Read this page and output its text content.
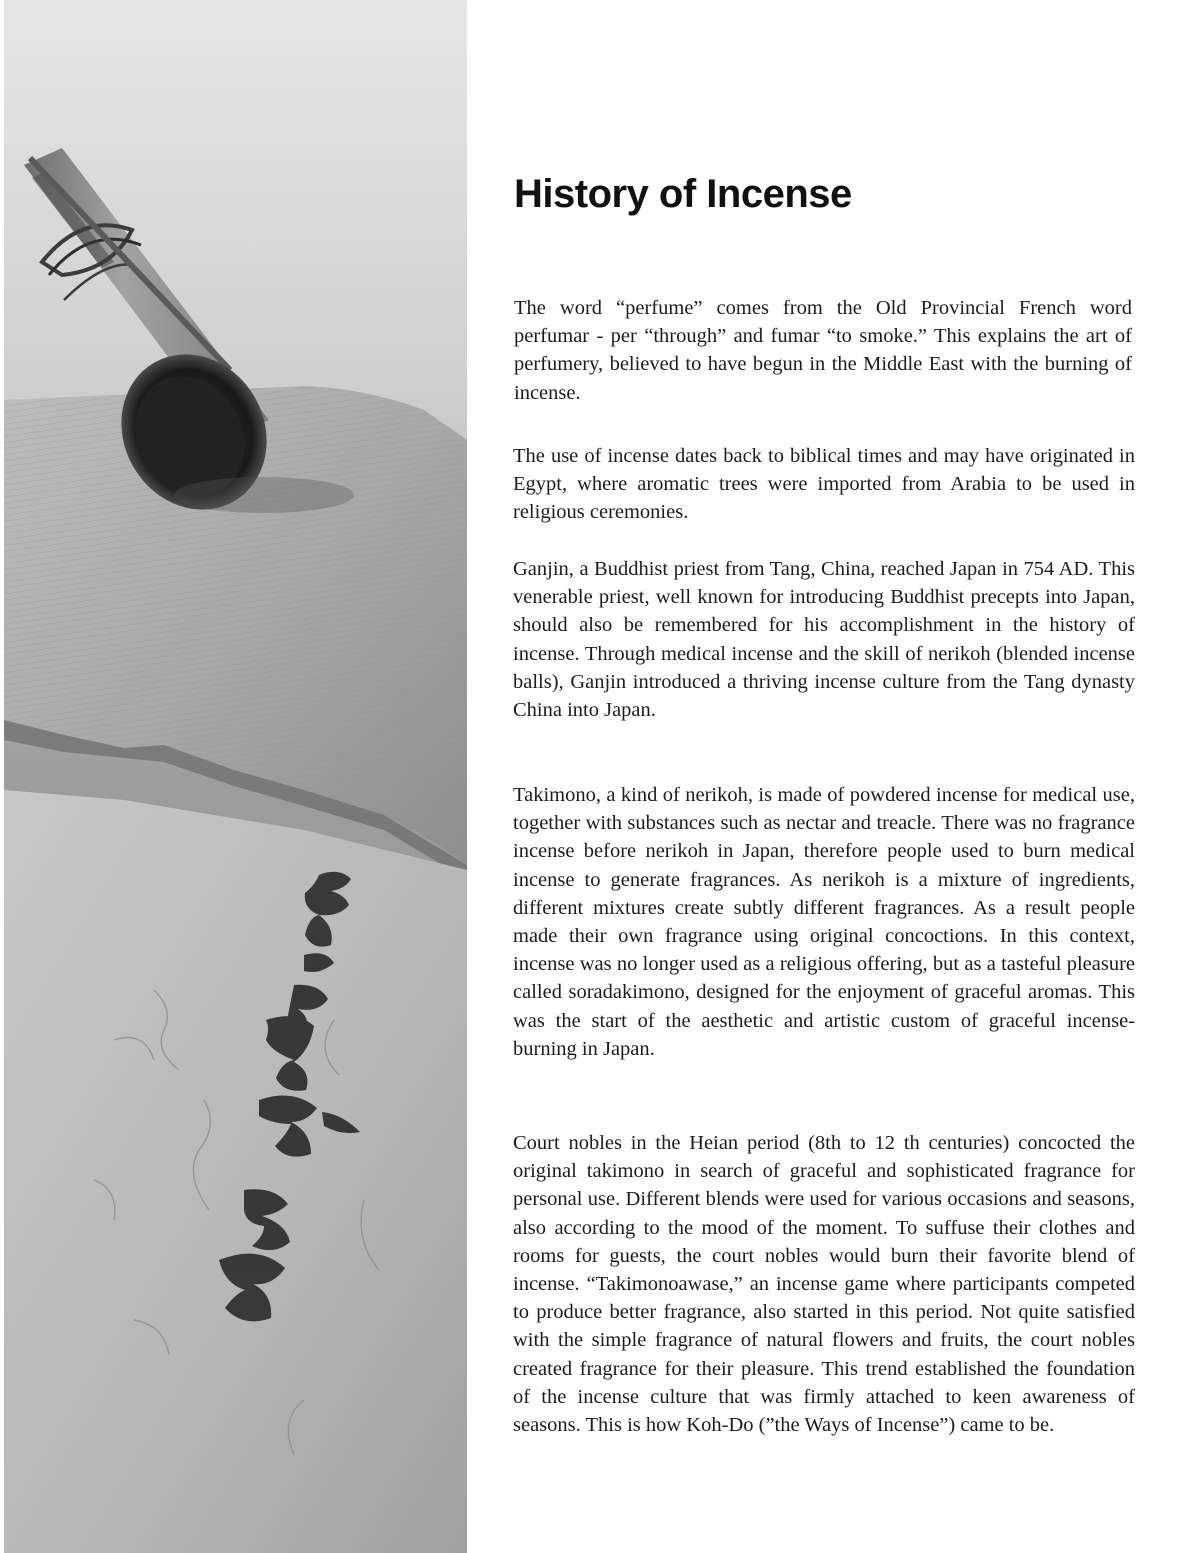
History of Incense

The word “perfume” comes from the Old Provincial French word perfumar - per “through” and fumar “to smoke.” This explains the art of perfumery, believed to have begun in the Middle East with the burning of incense.

The use of incense dates back to biblical times and may have originated in Egypt, where aromatic trees were imported from Arabia to be used in religious ceremonies.

Ganjin, a Buddhist priest from Tang, China, reached Japan in 754 AD. This venerable priest, well known for introducing Buddhist precepts into Japan, should also be remembered for his accomplishment in the history of incense. Through medical incense and the skill of nerikoh (blended incense balls), Ganjin introduced a thriving incense culture from the Tang dynasty China into Japan.

Takimono, a kind of nerikoh, is made of powdered incense for medical use, together with substances such as nectar and treacle. There was no fragrance incense before nerikoh in Japan, therefore people used to burn medical incense to generate fragrances. As nerikoh is a mixture of ingredients, different mixtures create subtly different fragrances. As a result people made their own fragrance using original concoctions. In this context, incense was no longer used as a religious offering, but as a tasteful pleasure called soradakimono, designed for the enjoyment of graceful aromas. This was the start of the aesthetic and artistic custom of graceful incense-burning in Japan.

Court nobles in the Heian period (8th to 12 th centuries) concocted the original takimono in search of graceful and sophisticated fragrance for personal use. Different blends were used for various occasions and seasons, also according to the mood of the moment. To suffuse their clothes and rooms for guests, the court nobles would burn their favorite blend of incense. “Takimonoawase,” an incense game where participants competed to produce better fragrance, also started in this period. Not quite satisfied with the simple fragrance of natural flowers and fruits, the court nobles created fragrance for their pleasure. This trend established the foundation of the incense culture that was firmly attached to keen awareness of seasons. This is how Koh-Do (”the Ways of Incense”) came to be.
